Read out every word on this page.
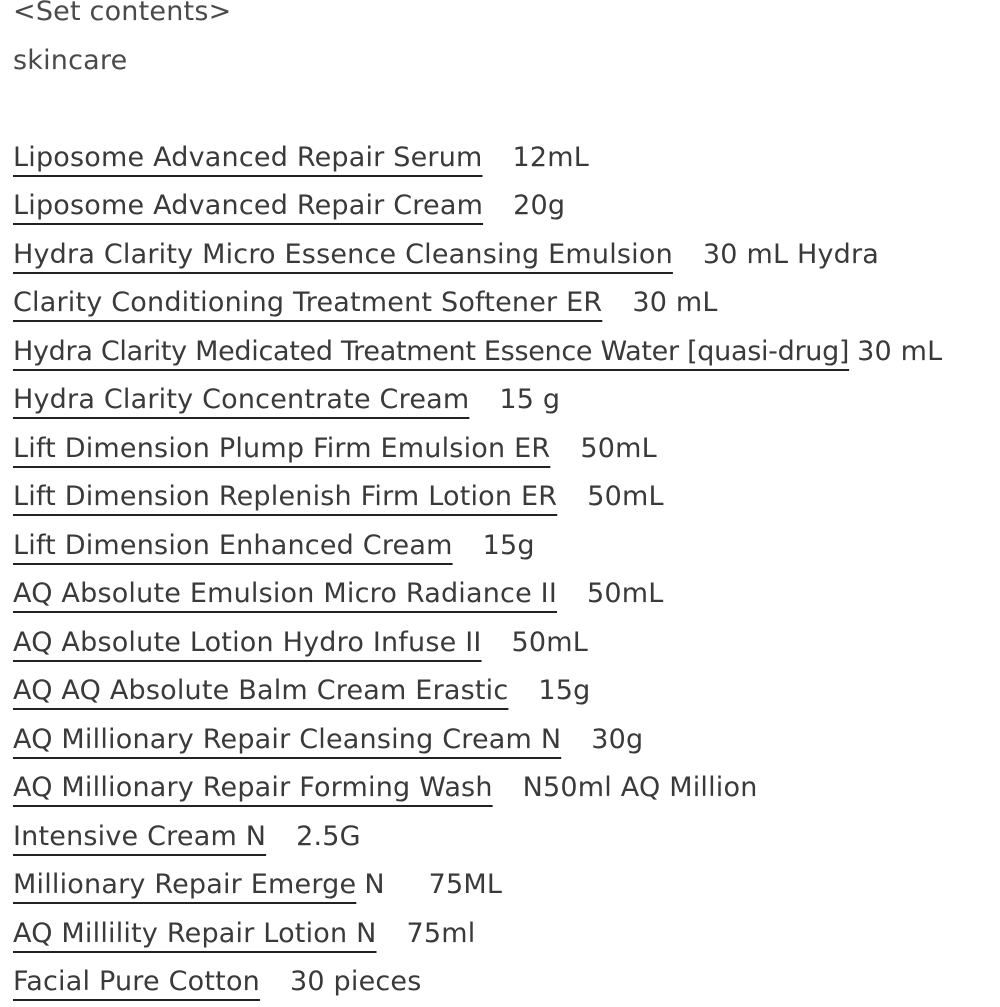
<Set contents>
skincare
Liposome Advanced Repair Serum 12mL
Liposome Advanced Repair Cream 20g
Hydra Clarity Micro Essence Cleansing Emulsion 30 mL Hydra
Clarity Conditioning Treatment Softener ER 30 mL
Hydra Clarity Medicated Treatment Essence Water [quasi-drug] 30 mL
Hydra Clarity Concentrate Cream 15 g
Lift Dimension Plump Firm Emulsion ER 50mL
Lift Dimension Replenish Firm Lotion ER 50mL
Lift Dimension Enhanced Cream 15g
AQ Absolute Emulsion Micro Radiance II 50mL
AQ Absolute Lotion Hydro Infuse II 50mL
AQ AQ Absolute Balm Cream Erastic 15g
AQ Millionary Repair Cleansing Cream N 30g
AQ Millionary Repair Forming Wash N50ml AQ Million
Intensive Cream N 2.5G
Millionary Repair Emerge N     75ML
AQ Millility Repair Lotion N 75ml
Facial Pure Cotton 30 pieces
